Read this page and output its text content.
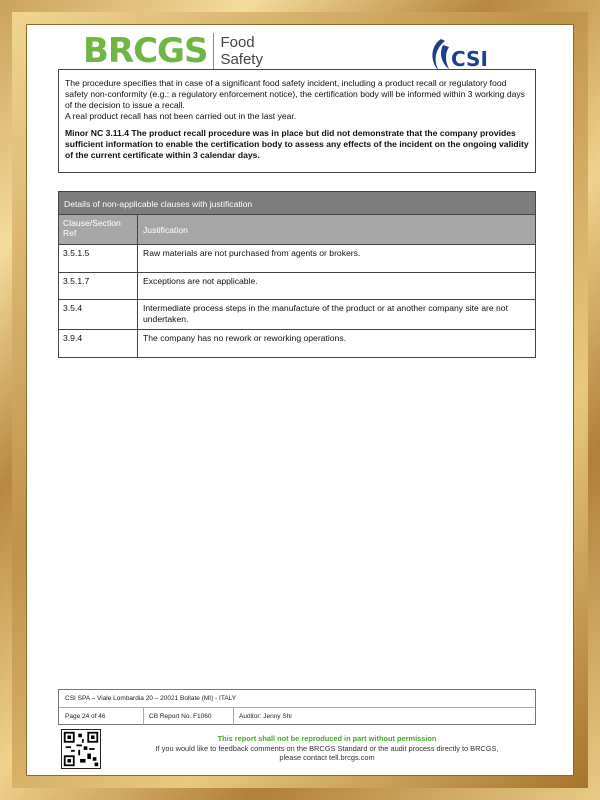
BRCGS Food
Safety	CSI

The procedure specifies that in case of a significant food safety incident, including a product recall or regulatory food safety non-conformity (e.g.: a regulatory enforcement notice), the certification body will be informed within 3 working days of the decision to issue a recall.

A real product recall has not been carried out in the last year.

Minor NC 3.11.4 The product recall procedure was in place but did not demonstrate that the company provides sufficient information to enable the certification body to assess any effects of the incident on the ongoing validity of the current certificate within 3 calendar days.

Details of non-applicable clauses with justification
Clause/Section Ref	Justification
3.5.1.5	Raw materials are not purchased from agents or brokers.
3.5.1.7	Exceptions are not applicable.
3.5.4	Intermediate process steps in the manufacture of the product or at another company site are not undertaken.
3.9.4	The company has no rework or reworking operations.
CSI SPA – Viale Lombardia 20 – 20021 Bollate (MI) - ITALY
Page 24 of 46	CB Report No. F1060	Auditor: Jenny Shi
This report shall not be reproduced in part without permission
If you would like to feedback comments on the BRCGS Standard or the audit process directly to BRCGS,
please contact tell.brcgs.com
